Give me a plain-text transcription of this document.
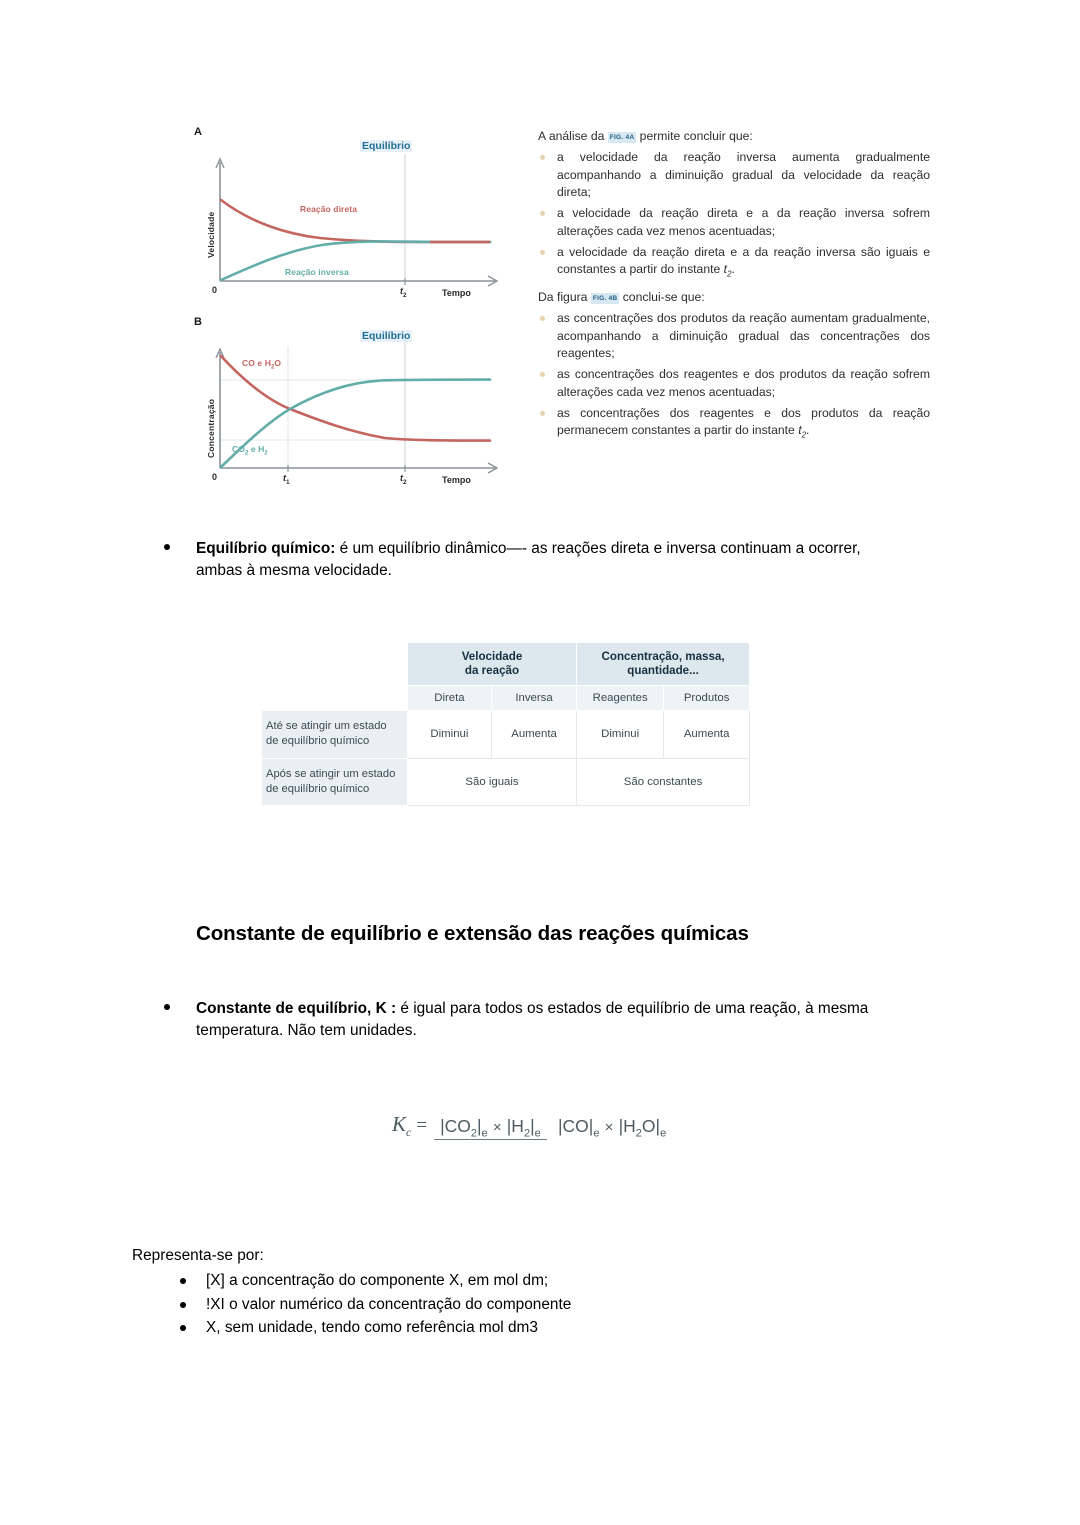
A
Equilíbrio
Velocidade
Reação direta
Reação inversa
0	$t_2$	Tempo
B
Equilíbrio
Concentração
CO e $H_2O$
$CO_2$ e $H_2$
0	$t_1$	$t_2$	Tempo

A análise da FIG. 4A permite concluir que:

a velocidade da reação inversa aumenta gradualmente acompanhando a diminuição gradual da velocidade da reação direta;
a velocidade da reação direta e a da reação inversa sofrem alterações cada vez menos acentuadas;
a velocidade da reação direta e a da reação inversa são iguais e constantes a partir do instante $t_2$.

Da figura FIG. 4B conclui-se que:

as concentrações dos produtos da reação aumentam gradualmente, acompanhando a diminuição gradual das concentrações dos reagentes;
as concentrações dos reagentes e dos produtos da reação sofrem alterações cada vez menos acentuadas;
as concentrações dos reagentes e dos produtos da reação permanecem constantes a partir do instante $t_2$.
Equilíbrio químico: é um equilíbrio dinâmico—- as reações direta e inversa continuam a ocorrer, ambas à mesma velocidade.
	Velocidade
da reação		Concentração, massa,
quantidade...	
	Direta	Inversa	Reagentes	Produtos
Até se atingir um estado
de equilíbrio químico	Diminui	Aumenta	Diminui	Aumenta
Após se atingir um estado
de equilíbrio químico	São iguais		São constantes	
Constante de equilíbrio e extensão das reações químicas
Constante de equilíbrio, K : é igual para todos os estados de equilíbrio de uma reação, à mesma temperatura. Não tem unidades.
$K_c = |CO_2|_e \times |H_2|_e$ $|CO|_e \times |H_2O|_e$

Representa-se por:

[X] a concentração do componente X, em mol dm;
!XI o valor numérico da concentração do componente
X, sem unidade, tendo como referência mol dm3
